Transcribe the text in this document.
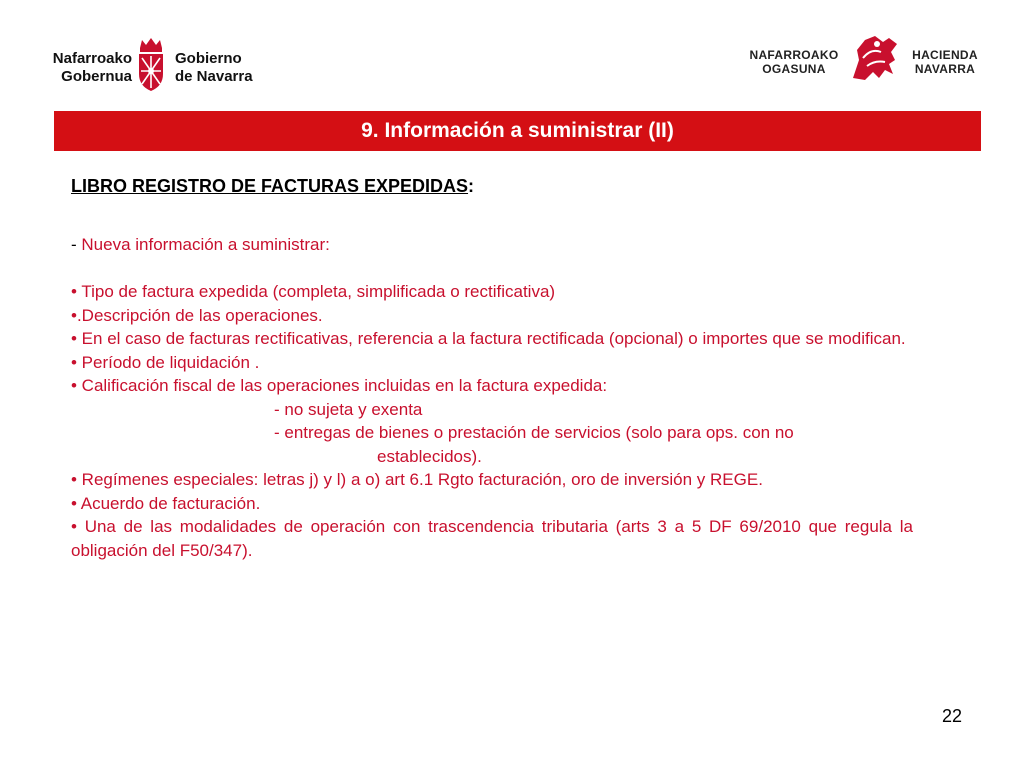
Nafarroako
Gobernua
Gobierno
de Navarra
NAFARROAKO
OGASUNA
HACIENDA
NAVARRA
9. Información a suministrar (II)
LIBRO REGISTRO DE FACTURAS EXPEDIDAS:

- Nueva información a suministrar:

• Tipo de factura expedida (completa, simplificada o rectificativa)

•.Descripción de las operaciones.

• En el caso de facturas rectificativas, referencia a la factura rectificada (opcional) o importes que se modifican.

• Período de liquidación .

• Calificación fiscal de las operaciones incluidas en la factura expedida:

- no sujeta y exenta

- entregas de bienes o prestación de servicios (solo para ops. con no

establecidos).

• Regímenes especiales: letras j) y l) a o) art 6.1 Rgto facturación, oro de inversión y REGE.

• Acuerdo de facturación.

• Una de las modalidades de operación con trascendencia tributaria (arts 3 a 5 DF 69/2010 que regula la obligación del F50/347).

22
